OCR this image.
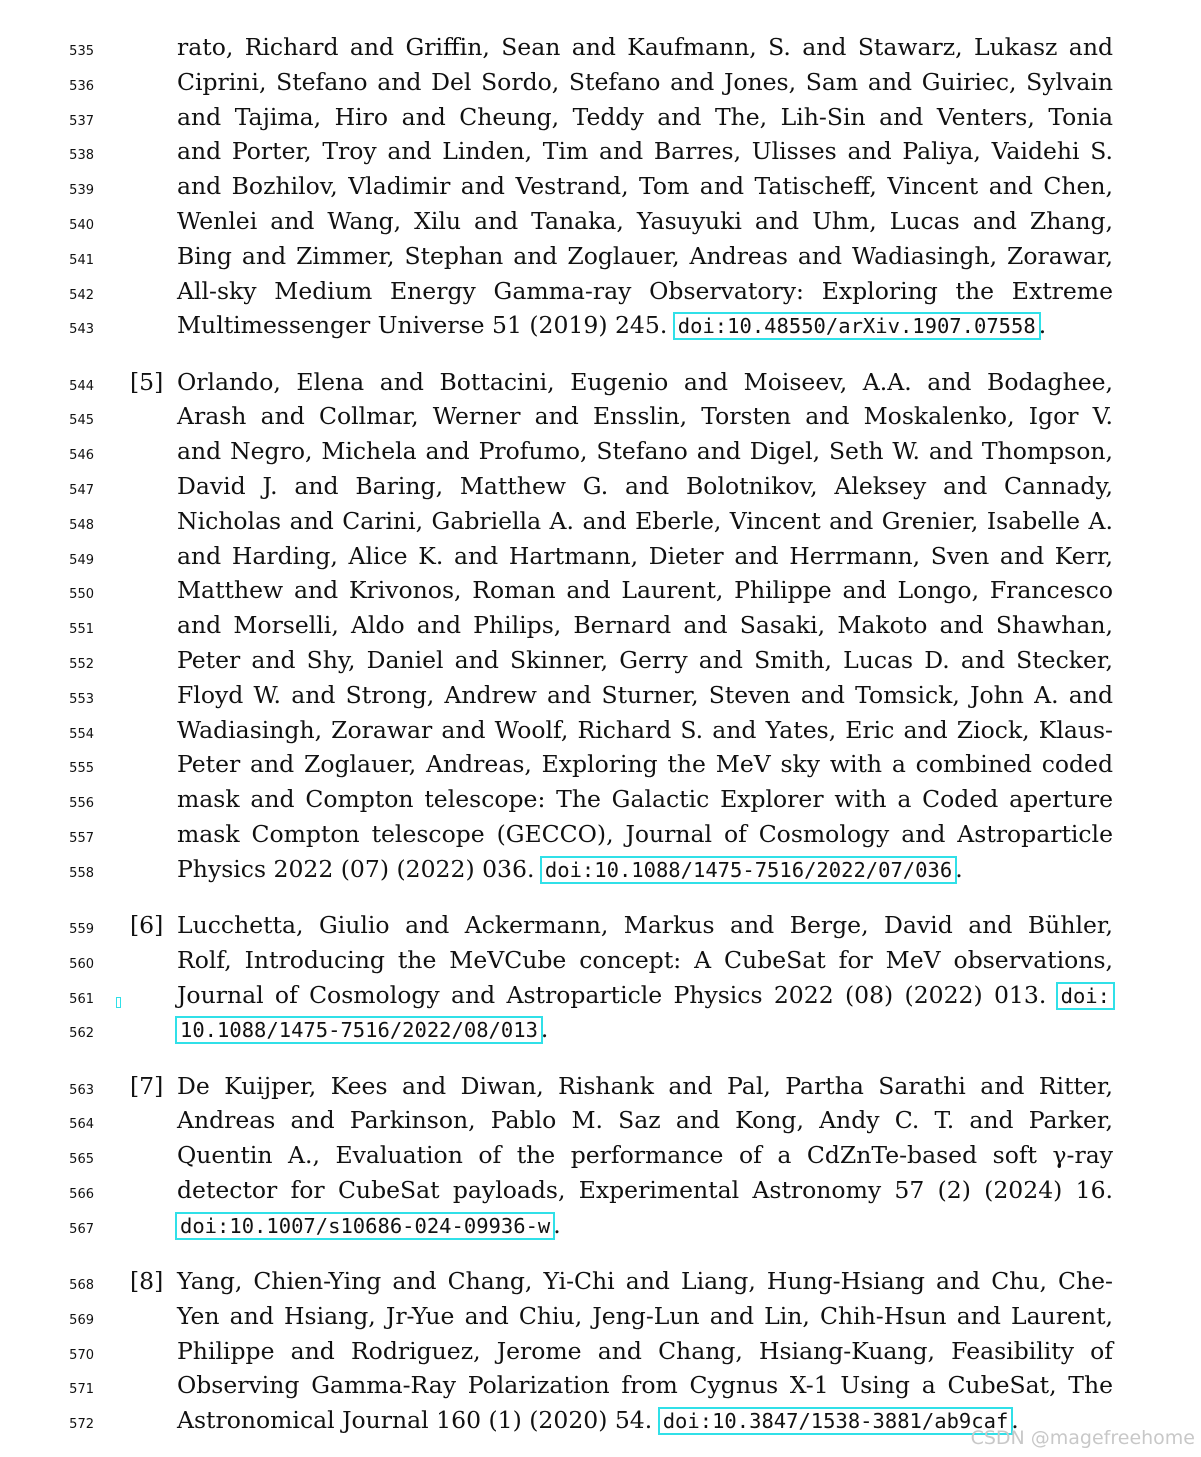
535	rato, Richard and Griffin, Sean and Kaufmann, S. and Stawarz, Lukasz and
536	Ciprini, Stefano and Del Sordo, Stefano and Jones, Sam and Guiriec, Sylvain
537	and Tajima, Hiro and Cheung, Teddy and The, Lih-Sin and Venters, Tonia
538	and Porter, Troy and Linden, Tim and Barres, Ulisses and Paliya, Vaidehi S.
539	and Bozhilov, Vladimir and Vestrand, Tom and Tatischeff, Vincent and Chen,
540	Wenlei and Wang, Xilu and Tanaka, Yasuyuki and Uhm, Lucas and Zhang,
541	Bing and Zimmer, Stephan and Zoglauer, Andreas and Wadiasingh, Zorawar,
542	All-sky Medium Energy Gamma-ray Observatory: Exploring the Extreme
543	Multimessenger Universe 51 (2019) 245. doi:10.48550/arXiv.1907.07558 .
544 [5] Orlando, Elena and Bottacini, Eugenio and Moiseev, A.A. and Bodaghee,
545	Arash and Collmar, Werner and Ensslin, Torsten and Moskalenko, Igor V.
546	and Negro, Michela and Profumo, Stefano and Digel, Seth W. and Thompson,
547	David J. and Baring, Matthew G. and Bolotnikov, Aleksey and Cannady,
548	Nicholas and Carini, Gabriella A. and Eberle, Vincent and Grenier, Isabelle A.
549	and Harding, Alice K. and Hartmann, Dieter and Herrmann, Sven and Kerr,
550	Matthew and Krivonos, Roman and Laurent, Philippe and Longo, Francesco
551	and Morselli, Aldo and Philips, Bernard and Sasaki, Makoto and Shawhan,
552	Peter and Shy, Daniel and Skinner, Gerry and Smith, Lucas D. and Stecker,
553	Floyd W. and Strong, Andrew and Sturner, Steven and Tomsick, John A. and
554	Wadiasingh, Zorawar and Woolf, Richard S. and Yates, Eric and Ziock, Klaus-
555	Peter and Zoglauer, Andreas, Exploring the MeV sky with a combined coded
556	mask and Compton telescope: The Galactic Explorer with a Coded aperture
557	mask Compton telescope (GECCO), Journal of Cosmology and Astroparticle
558	Physics 2022 (07) (2022) 036. doi:10.1088/1475-7516/2022/07/036 .
559 [6] Lucchetta, Giulio and Ackermann, Markus and Berge, David and Bühler,
560	Rolf, Introducing the MeVCube concept: A CubeSat for MeV observations,
561	Journal of Cosmology and Astroparticle Physics 2022 (08) (2022) 013. doi:
562	10.1088/1475-7516/2022/08/013 .
563 [7] De Kuijper, Kees and Diwan, Rishank and Pal, Partha Sarathi and Ritter,
564	Andreas and Parkinson, Pablo M. Saz and Kong, Andy C. T. and Parker,
565	Quentin A., Evaluation of the performance of a CdZnTe-based soft γ-ray
566	detector for CubeSat payloads, Experimental Astronomy 57 (2) (2024) 16.
567	doi:10.1007/s10686-024-09936-w .
568 [8] Yang, Chien-Ying and Chang, Yi-Chi and Liang, Hung-Hsiang and Chu, Che-
569	Yen and Hsiang, Jr-Yue and Chiu, Jeng-Lun and Lin, Chih-Hsun and Laurent,
570	Philippe and Rodriguez, Jerome and Chang, Hsiang-Kuang, Feasibility of
571	Observing Gamma-Ray Polarization from Cygnus X-1 Using a CubeSat, The
572	Astronomical Journal 160 (1) (2020) 54. doi:10.3847/1538-3881/ab9caf .
CSDN @magefreehome
